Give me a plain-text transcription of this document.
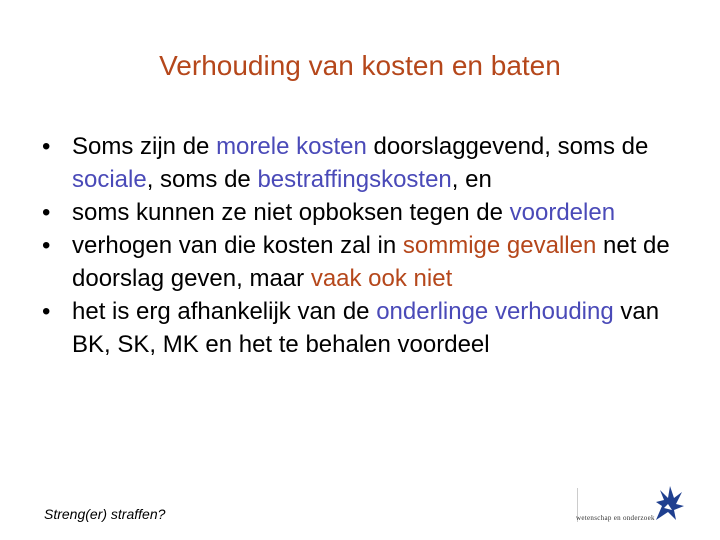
Verhouding van kosten en baten
• Soms zijn de morele kosten doorslaggevend, soms de sociale, soms de bestraffingskosten, en
• soms kunnen ze niet opboksen tegen de voordelen
• verhogen van die kosten zal in sommige gevallen net de doorslag geven, maar vaak ook niet
• het is erg afhankelijk van de onderlinge verhouding van BK, SK, MK en het te behalen voordeel
Streng(er) straffen?	wetenschap en onderzoek
